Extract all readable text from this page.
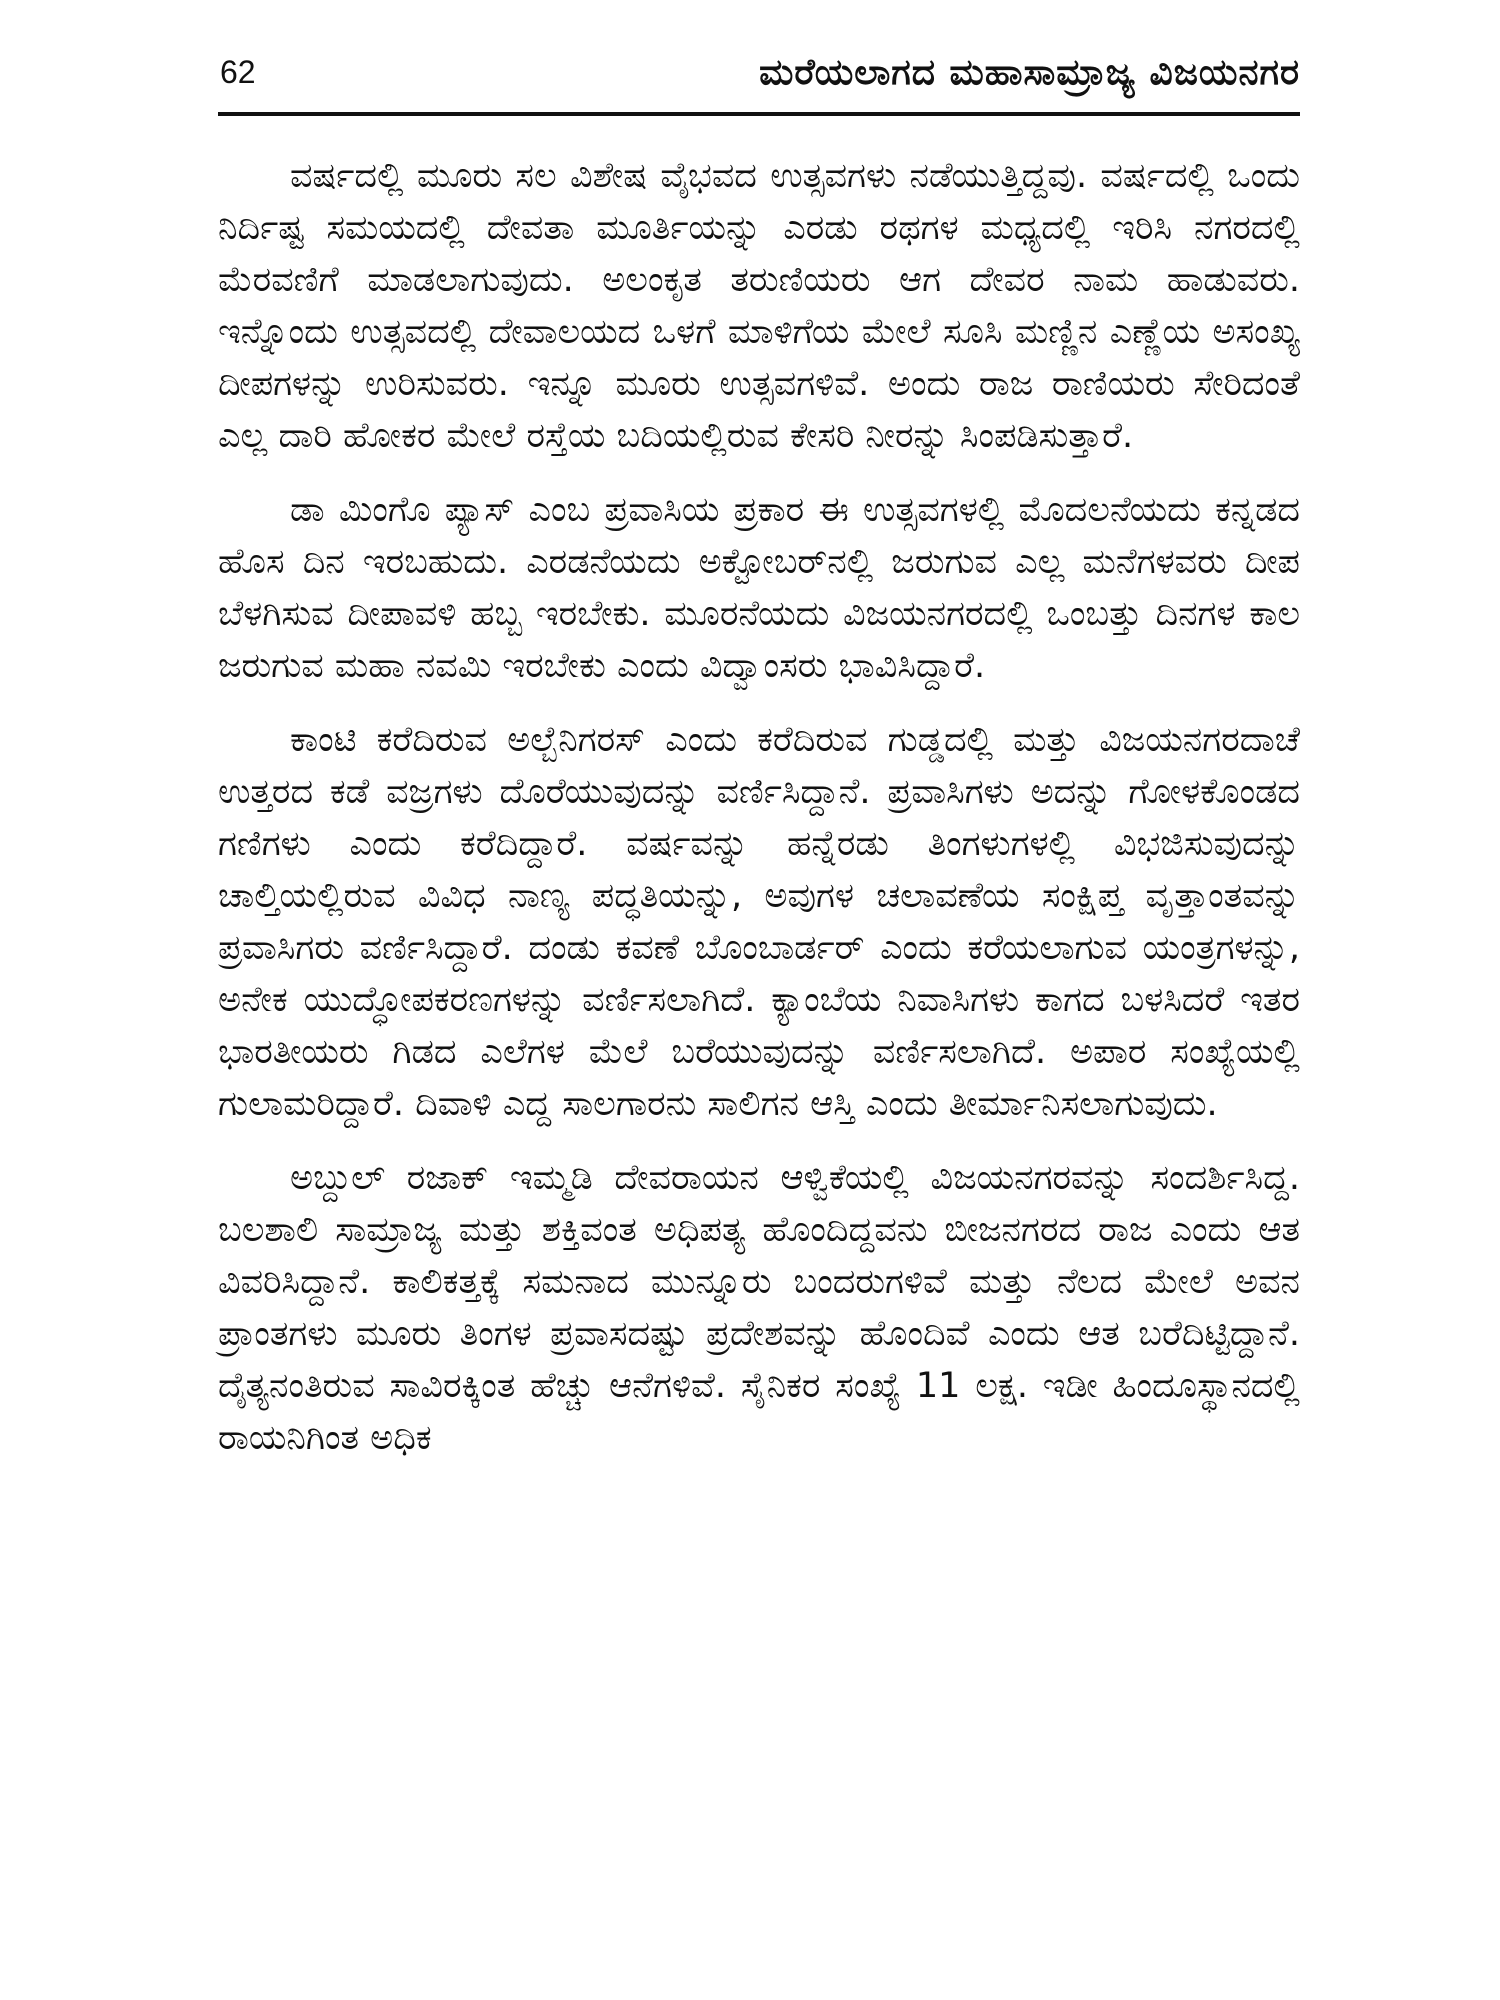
62	ಮರೆಯಲಾಗದ ಮಹಾಸಾಮ್ರಾಜ್ಯ ವಿಜಯನಗರ

ವರ್ಷದಲ್ಲಿ ಮೂರು ಸಲ ವಿಶೇಷ ವೈಭವದ ಉತ್ಸವಗಳು ನಡೆಯುತ್ತಿದ್ದವು. ವರ್ಷದಲ್ಲಿ ಒಂದು ನಿರ್ದಿಷ್ಟ ಸಮಯದಲ್ಲಿ ದೇವತಾ ಮೂರ್ತಿಯನ್ನು ಎರಡು ರಥಗಳ ಮಧ್ಯದಲ್ಲಿ ಇರಿಸಿ ನಗರದಲ್ಲಿ ಮೆರವಣಿಗೆ ಮಾಡಲಾಗುವುದು. ಅಲಂಕೃತ ತರುಣಿಯರು ಆಗ ದೇವರ ನಾಮ ಹಾಡುವರು. ಇನ್ನೊಂದು ಉತ್ಸವದಲ್ಲಿ ದೇವಾಲಯದ ಒಳಗೆ ಮಾಳಿಗೆಯ ಮೇಲೆ ಸೂಸಿ ಮಣ್ಣಿನ ಎಣ್ಣೆಯ ಅಸಂಖ್ಯ ದೀಪಗಳನ್ನು ಉರಿಸುವರು. ಇನ್ನೂ ಮೂರು ಉತ್ಸವಗಳಿವೆ. ಅಂದು ರಾಜ ರಾಣಿಯರು ಸೇರಿದಂತೆ ಎಲ್ಲ ದಾರಿ ಹೋಕರ ಮೇಲೆ ರಸ್ತೆಯ ಬದಿಯಲ್ಲಿರುವ ಕೇಸರಿ ನೀರನ್ನು ಸಿಂಪಡಿಸುತ್ತಾರೆ.

ಡಾ ಮಿಂಗೊ ಪ್ಯಾಸ್ ಎಂಬ ಪ್ರವಾಸಿಯ ಪ್ರಕಾರ ಈ ಉತ್ಸವಗಳಲ್ಲಿ ಮೊದಲನೆಯದು ಕನ್ನಡದ ಹೊಸ ದಿನ ಇರಬಹುದು. ಎರಡನೆಯದು ಅಕ್ಟೋಬರ್‌ನಲ್ಲಿ ಜರುಗುವ ಎಲ್ಲ ಮನೆಗಳವರು ದೀಪ ಬೆಳಗಿಸುವ ದೀಪಾವಳಿ ಹಬ್ಬ ಇರಬೇಕು. ಮೂರನೆಯದು ವಿಜಯನಗರದಲ್ಲಿ ಒಂಬತ್ತು ದಿನಗಳ ಕಾಲ ಜರುಗುವ ಮಹಾ ನವಮಿ ಇರಬೇಕು ಎಂದು ವಿದ್ವಾಂಸರು ಭಾವಿಸಿದ್ದಾರೆ.

ಕಾಂಟಿ ಕರೆದಿರುವ ಅಲ್ಬೆನಿಗರಸ್ ಎಂದು ಕರೆದಿರುವ ಗುಡ್ಡದಲ್ಲಿ ಮತ್ತು ವಿಜಯನಗರದಾಚೆ ಉತ್ತರದ ಕಡೆ ವಜ್ರಗಳು ದೊರೆಯುವುದನ್ನು ವರ್ಣಿಸಿದ್ದಾನೆ. ಪ್ರವಾಸಿಗಳು ಅದನ್ನು ಗೋಳಕೊಂಡದ ಗಣಿಗಳು ಎಂದು ಕರೆದಿದ್ದಾರೆ. ವರ್ಷವನ್ನು ಹನ್ನೆರಡು ತಿಂಗಳುಗಳಲ್ಲಿ ವಿಭಜಿಸುವುದನ್ನು ಚಾಲ್ತಿಯಲ್ಲಿರುವ ವಿವಿಧ ನಾಣ್ಯ ಪದ್ಧತಿಯನ್ನು, ಅವುಗಳ ಚಲಾವಣೆಯ ಸಂಕ್ಷಿಪ್ತ ವೃತ್ತಾಂತವನ್ನು ಪ್ರವಾಸಿಗರು ವರ್ಣಿಸಿದ್ದಾರೆ. ದಂಡು ಕವಣೆ ಬೊಂಬಾರ್ಡರ್ ಎಂದು ಕರೆಯಲಾಗುವ ಯಂತ್ರಗಳನ್ನು, ಅನೇಕ ಯುದ್ಧೋಪಕರಣಗಳನ್ನು ವರ್ಣಿಸಲಾಗಿದೆ. ಕ್ಯಾಂಬೆಯ ನಿವಾಸಿಗಳು ಕಾಗದ ಬಳಸಿದರೆ ಇತರ ಭಾರತೀಯರು ಗಿಡದ ಎಲೆಗಳ ಮೆಲೆ ಬರೆಯುವುದನ್ನು ವರ್ಣಿಸಲಾಗಿದೆ. ಅಪಾರ ಸಂಖ್ಯೆಯಲ್ಲಿ ಗುಲಾಮರಿದ್ದಾರೆ. ದಿವಾಳಿ ಎದ್ದ ಸಾಲಗಾರನು ಸಾಲಿಗನ ಆಸ್ತಿ ಎಂದು ತೀರ್ಮಾನಿಸಲಾಗುವುದು.

ಅಬ್ದುಲ್ ರಜಾಕ್ ಇಮ್ಮಡಿ ದೇವರಾಯನ ಆಳ್ವಿಕೆಯಲ್ಲಿ ವಿಜಯನಗರವನ್ನು ಸಂದರ್ಶಿಸಿದ್ದ. ಬಲಶಾಲಿ ಸಾಮ್ರಾಜ್ಯ ಮತ್ತು ಶಕ್ತಿವಂತ ಅಧಿಪತ್ಯ ಹೊಂದಿದ್ದವನು ಬೀಜನಗರದ ರಾಜ ಎಂದು ಆತ ವಿವರಿಸಿದ್ದಾನೆ. ಕಾಲಿಕತ್ತಕ್ಕೆ ಸಮನಾದ ಮುನ್ನೂರು ಬಂದರುಗಳಿವೆ ಮತ್ತು ನೆಲದ ಮೇಲೆ ಅವನ ಪ್ರಾಂತಗಳು ಮೂರು ತಿಂಗಳ ಪ್ರವಾಸದಷ್ಟು ಪ್ರದೇಶವನ್ನು ಹೊಂದಿವೆ ಎಂದು ಆತ ಬರೆದಿಟ್ಟಿದ್ದಾನೆ. ದೈತ್ಯನಂತಿರುವ ಸಾವಿರಕ್ಕಿಂತ ಹೆಚ್ಚು ಆನೆಗಳಿವೆ. ಸೈನಿಕರ ಸಂಖ್ಯೆ 11 ಲಕ್ಷ. ಇಡೀ ಹಿಂದೂಸ್ಥಾನದಲ್ಲಿ ರಾಯನಿಗಿಂತ ಅಧಿಕ
